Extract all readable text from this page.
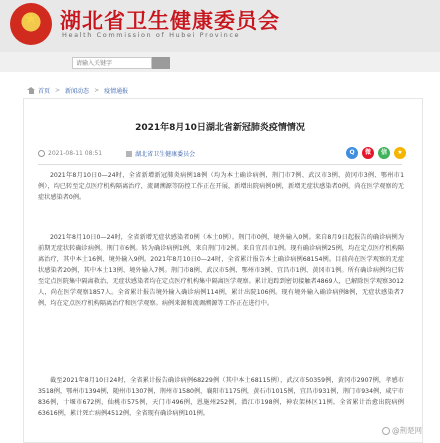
★	湖北省卫生健康委员会
Health Commission of Hubei Province
请输入关键字
首页 > 新闻动态 > 疫情通报
2021年8月10日湖北省新冠肺炎疫情情况
2021-08-11 08:51	湖北省卫生健康委员会	Q	微	信	★

2021年8月10日0—24时，全省新增新冠肺炎病例18例（均为本土确诊病例，荆门市7例、武汉市3例、黄冈市3例、鄂州市1例），均已转至定点医疗机构隔离治疗，流调溯源等防控工作正在开展，新增出院病例0例，新增无症状感染者0例，尚在医学观察的无症状感染者0例。

2021年8月10日0—24时，全省新增无症状感染者0例（本土0例）。荆门市0例，境外输入0例。来自8月9日起报告的确诊病例为前期无症状转确诊病例。荆门市6例。转为确诊病例1例，来自荆门市2例。来自宜昌市1例。现有确诊病例25例，均在定点医疗机构隔离治疗，其中本土16例、境外输入9例。2021年8月10日0—24时，全省累计报告本土确诊病例68154例。目前尚在医学观察的无症状感染者20例，其中本土13例、境外输入7例。荆门市8例、武汉市5例、鄂州市3例、宜昌市1例、黄冈市1例。所有确诊病例均已转至定点医院集中隔离救治，无症状感染者均在定点医疗机构集中隔离医学观察。累计追踪到密切接触者4869人，已解除医学观察3012人，尚在医学观察1857人。全省累计报告境外输入确诊病例114例，累计出院106例。现有境外输入确诊病例8例，无症状感染者7例，均在定点医疗机构隔离治疗和医学观察。病例来源和流调溯源等工作正在进行中。

截至2021年8月10日24时，全省累计报告确诊病例68229例（其中本土68115例），武汉市50359例，黄冈市2907例，孝感市3518例，鄂州市1394例，随州市1307例，荆州市1580例，襄阳市1175例，黄石市1015例，宜昌市931例，荆门市934例，咸宁市836例，十堰市672例，仙桃市575例，天门市496例，恩施州252例，潜江市198例，神农架林区11例。全省累计治愈出院病例63616例，累计死亡病例4512例，全省现有确诊病例101例。

@荆楚网
